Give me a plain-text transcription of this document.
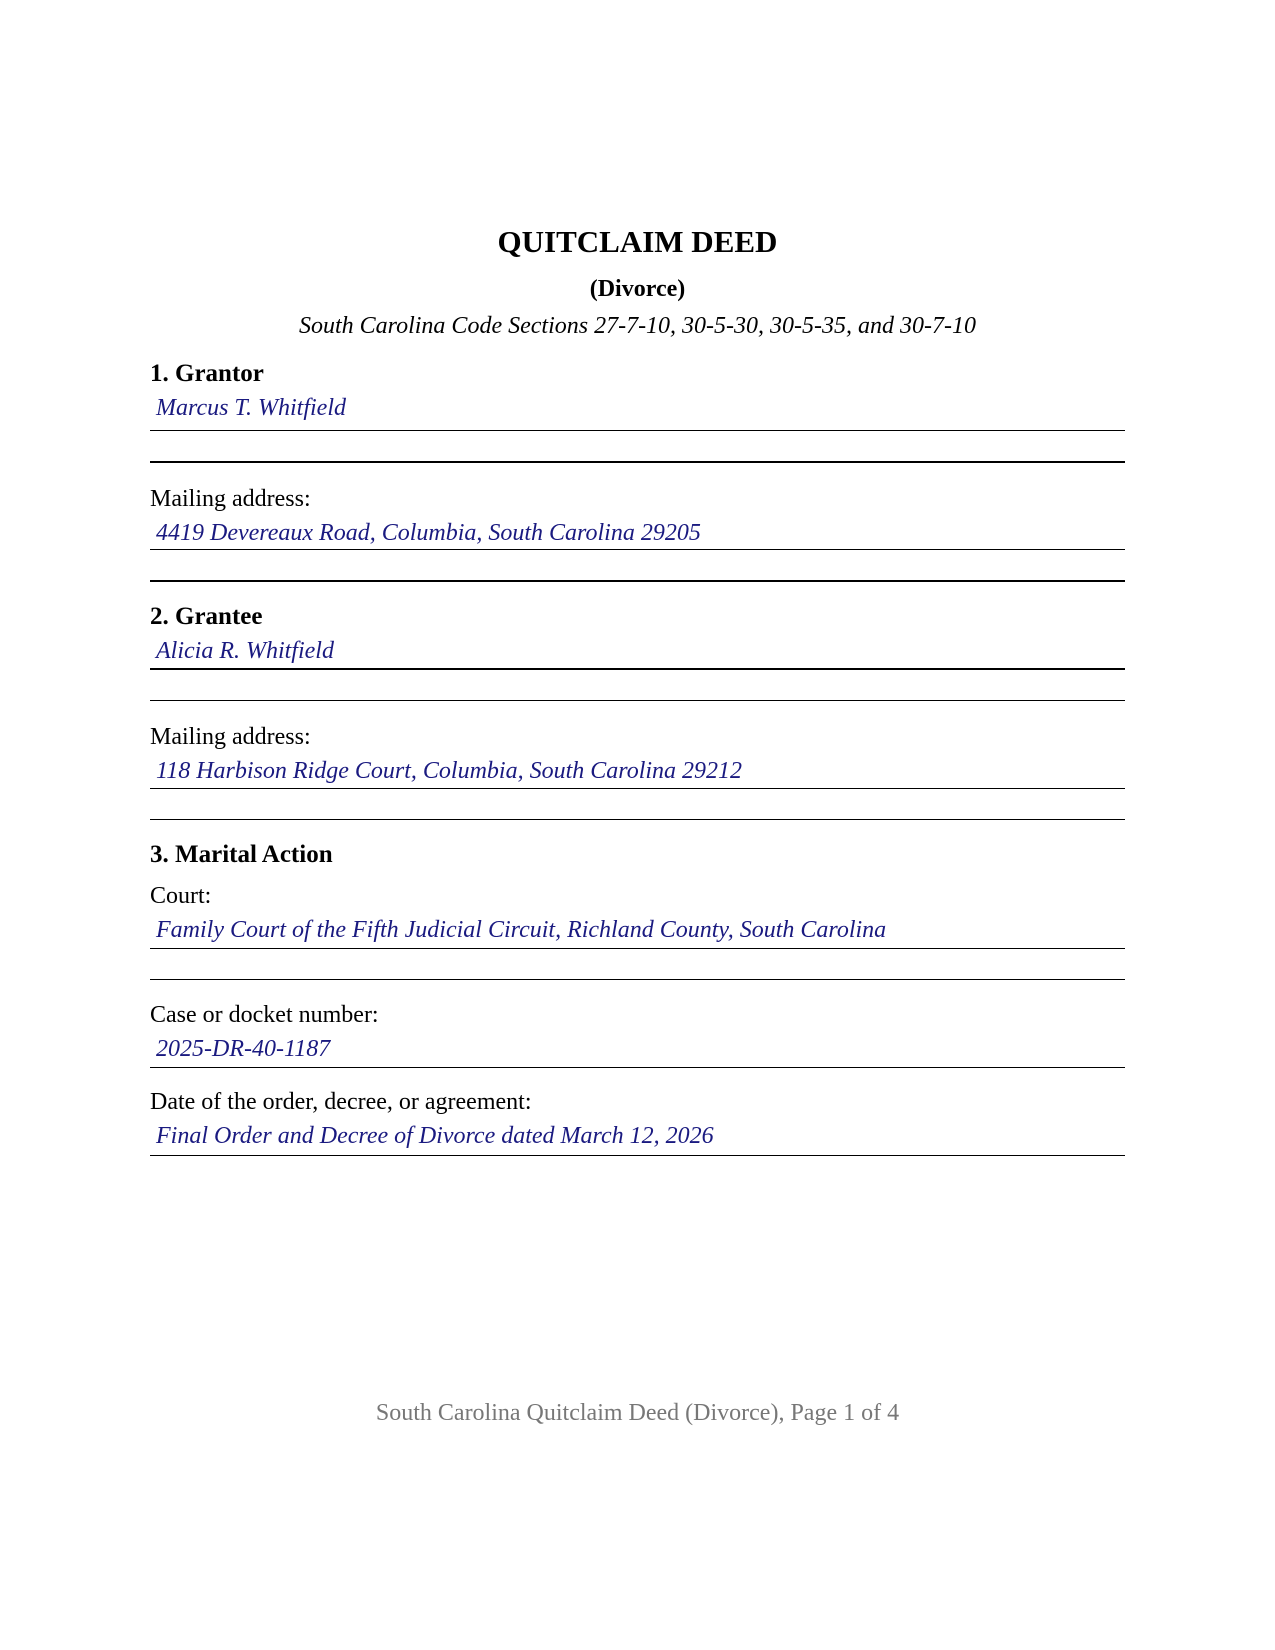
QUITCLAIM DEED
(Divorce)
South Carolina Code Sections 27-7-10, 30-5-30, 30-5-35, and 30-7-10
1. Grantor
Marcus T. Whitfield
Mailing address:
4419 Devereaux Road, Columbia, South Carolina 29205
2. Grantee
Alicia R. Whitfield
Mailing address:
118 Harbison Ridge Court, Columbia, South Carolina 29212
3. Marital Action
Court:
Family Court of the Fifth Judicial Circuit, Richland County, South Carolina
Case or docket number:
2025-DR-40-1187
Date of the order, decree, or agreement:
Final Order and Decree of Divorce dated March 12, 2026
South Carolina Quitclaim Deed (Divorce), Page 1 of 4
